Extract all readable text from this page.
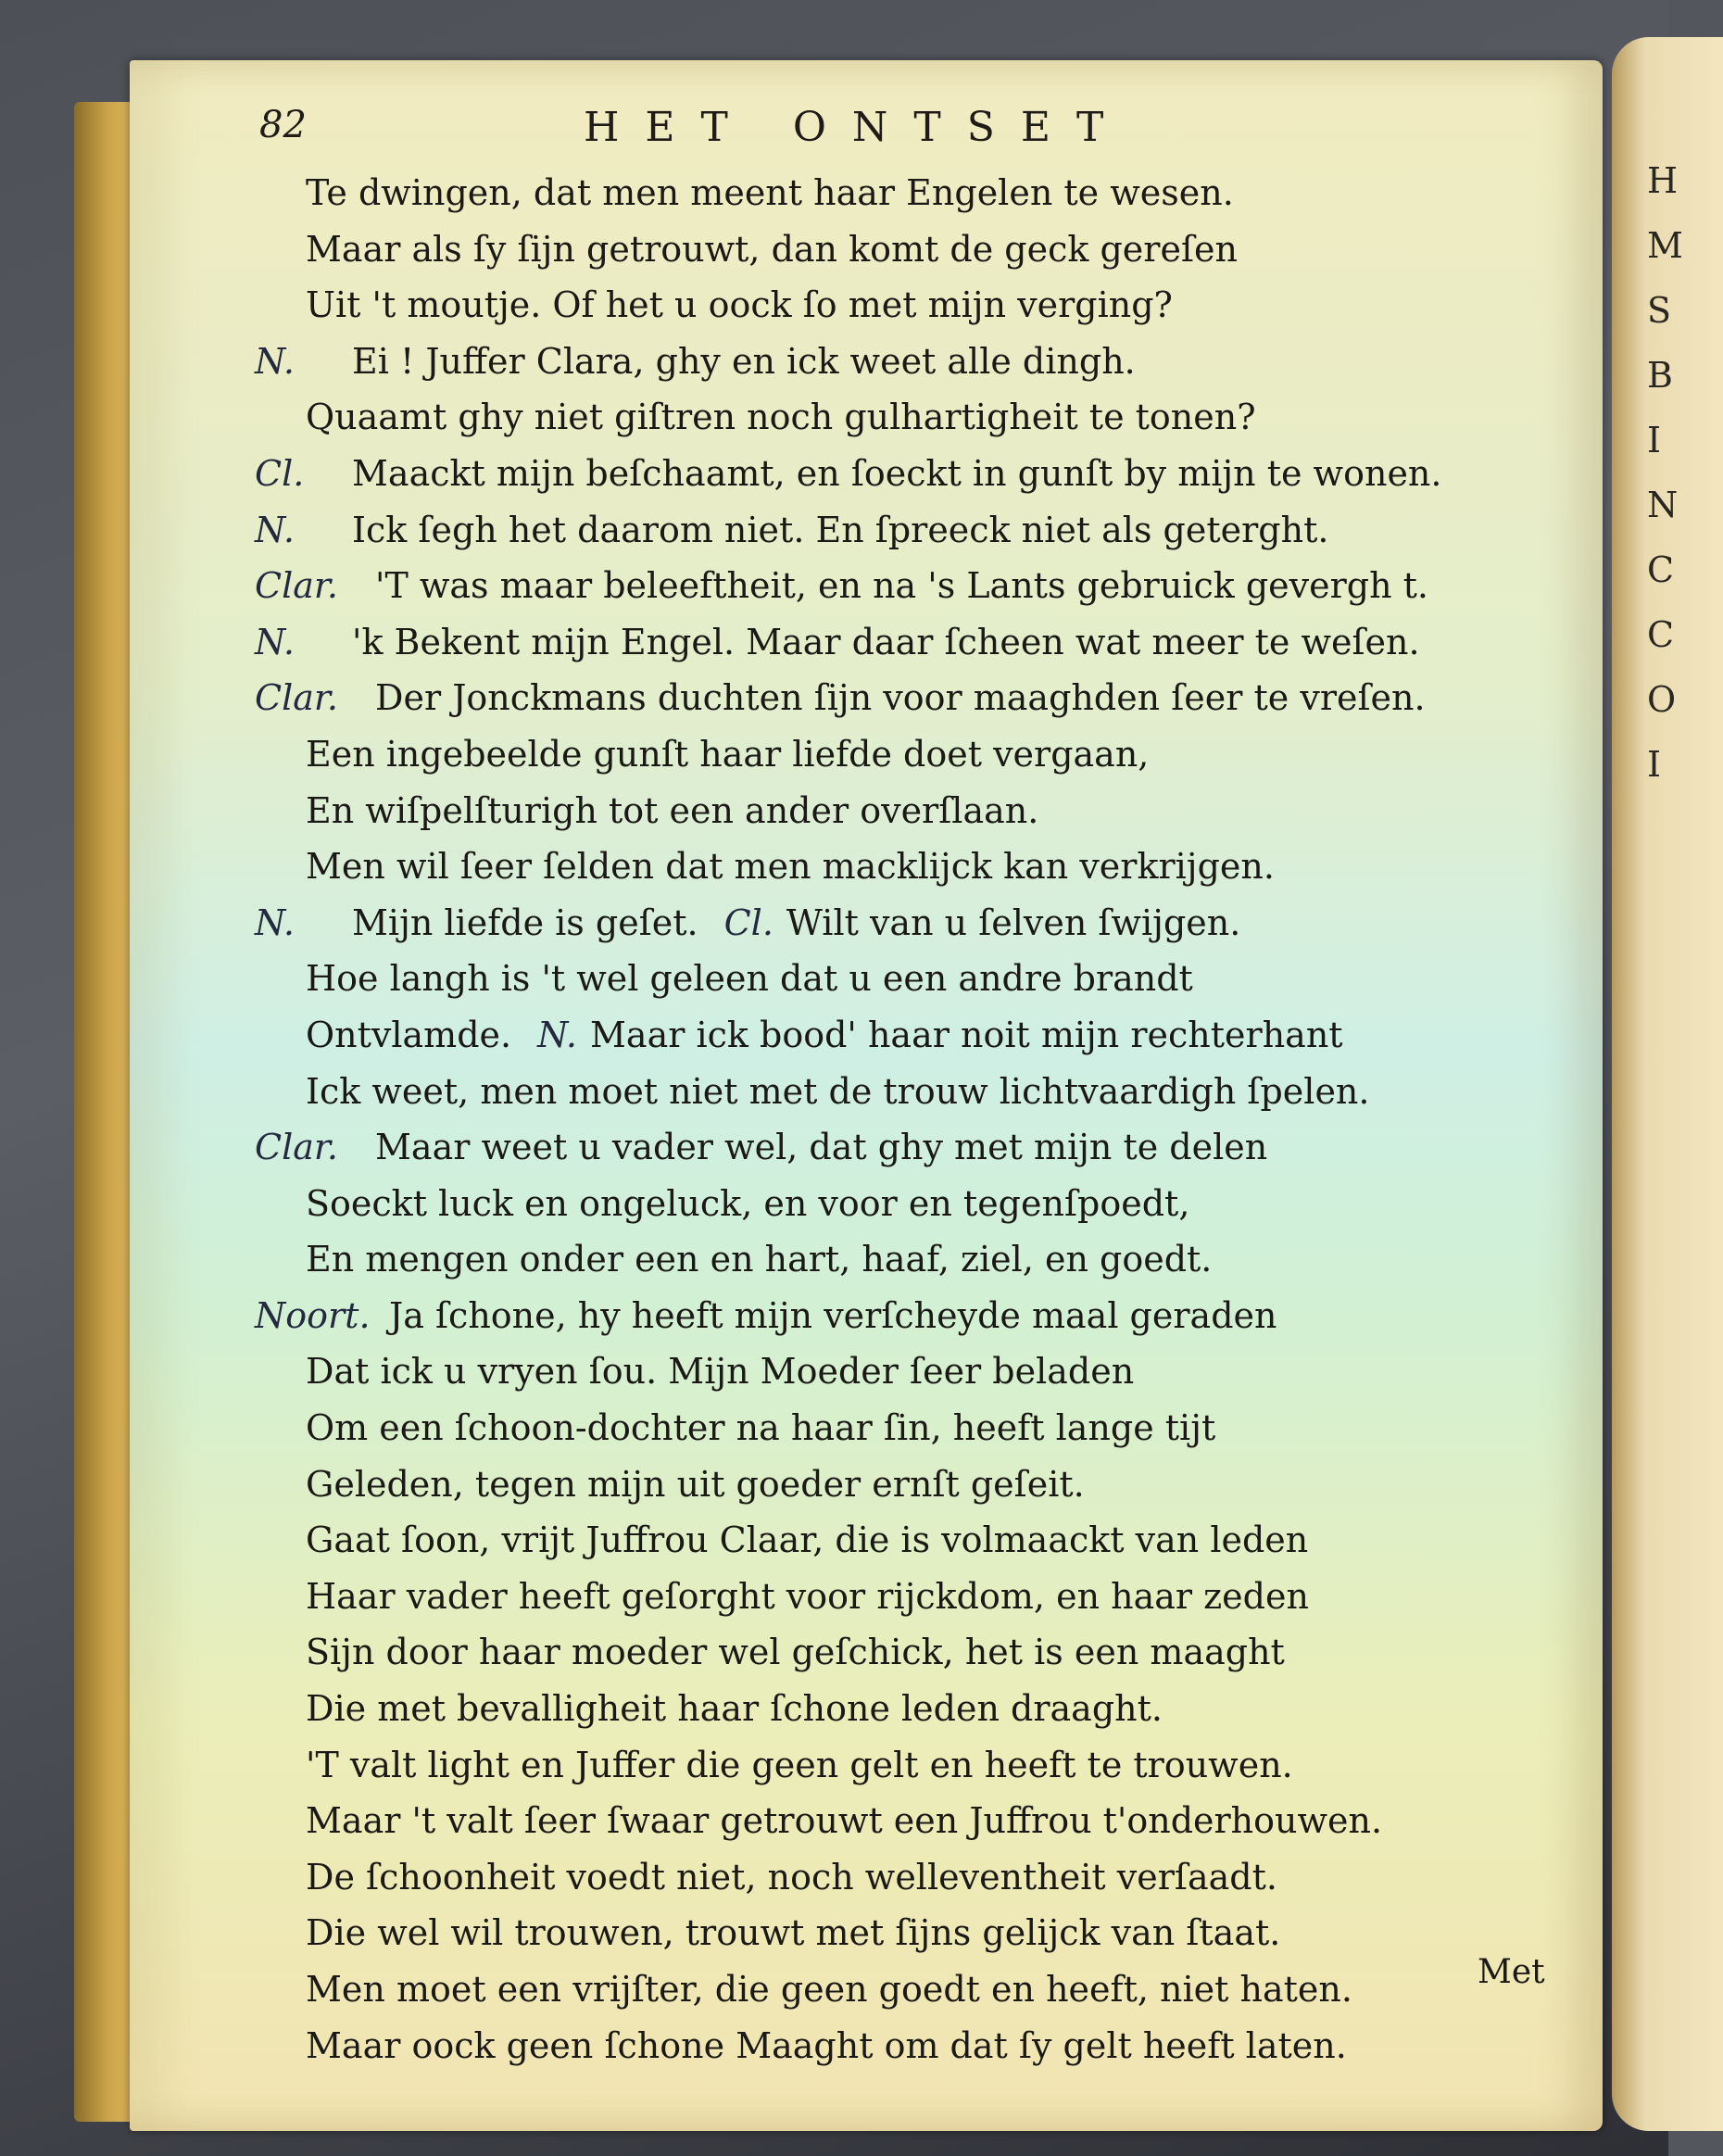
H
M
S
B
I
N
C
C
O
I
82	HET ONTSET
Te dwingen, dat men meent haar Engelen te wesen.
Maar als ſy ſijn getrouwt, dan komt de geck gereſen
Uit 't moutje. Of het u oock ſo met mijn verging?
N. Ei ! Juffer Clara, ghy en ick weet alle dingh.
Quaamt ghy niet giſtren noch gulhartigheit te tonen?
Cl. Maackt mijn beſchaamt, en ſoeckt in gunſt by mijn te wonen.
N. Ick ſegh het daarom niet. En ſpreeck niet als geterght.
Clar. 'T was maar beleeftheit, en na 's Lants gebruick gevergh t.
N. 'k Bekent mijn Engel. Maar daar ſcheen wat meer te weſen.
Clar. Der Jonckmans duchten ſijn voor maaghden ſeer te vreſen.
Een ingebeelde gunſt haar liefde doet vergaan,
En wiſpelſturigh tot een ander overſlaan.
Men wil ſeer ſelden dat men macklijck kan verkrijgen.
N. Mijn liefde is geſet. Cl. Wilt van u ſelven ſwijgen.
Hoe langh is 't wel geleen dat u een andre brandt
Ontvlamde. N. Maar ick bood' haar noit mijn rechterhant
Ick weet, men moet niet met de trouw lichtvaardigh ſpelen.
Clar. Maar weet u vader wel, dat ghy met mijn te delen
Soeckt luck en ongeluck, en voor en tegenſpoedt,
En mengen onder een en hart, haaf, ziel, en goedt.
Noort. Ja ſchone, hy heeft mijn verſcheyde maal geraden
Dat ick u vryen ſou. Mijn Moeder ſeer beladen
Om een ſchoon-dochter na haar ſin, heeft lange tijt
Geleden, tegen mijn uit goeder ernſt geſeit.
Gaat ſoon, vrijt Juffrou Claar, die is volmaackt van leden
Haar vader heeft geſorght voor rijckdom, en haar zeden
Sijn door haar moeder wel geſchick, het is een maaght
Die met bevalligheit haar ſchone leden draaght.
'T valt light en Juffer die geen gelt en heeft te trouwen.
Maar 't valt ſeer ſwaar getrouwt een Juffrou t'onderhouwen.
De ſchoonheit voedt niet, noch welleventheit verſaadt.
Die wel wil trouwen, trouwt met ſijns gelijck van ſtaat.
Men moet een vrijſter, die geen goedt en heeft, niet haten.
Maar oock geen ſchone Maaght om dat ſy gelt heeft laten.
Met
